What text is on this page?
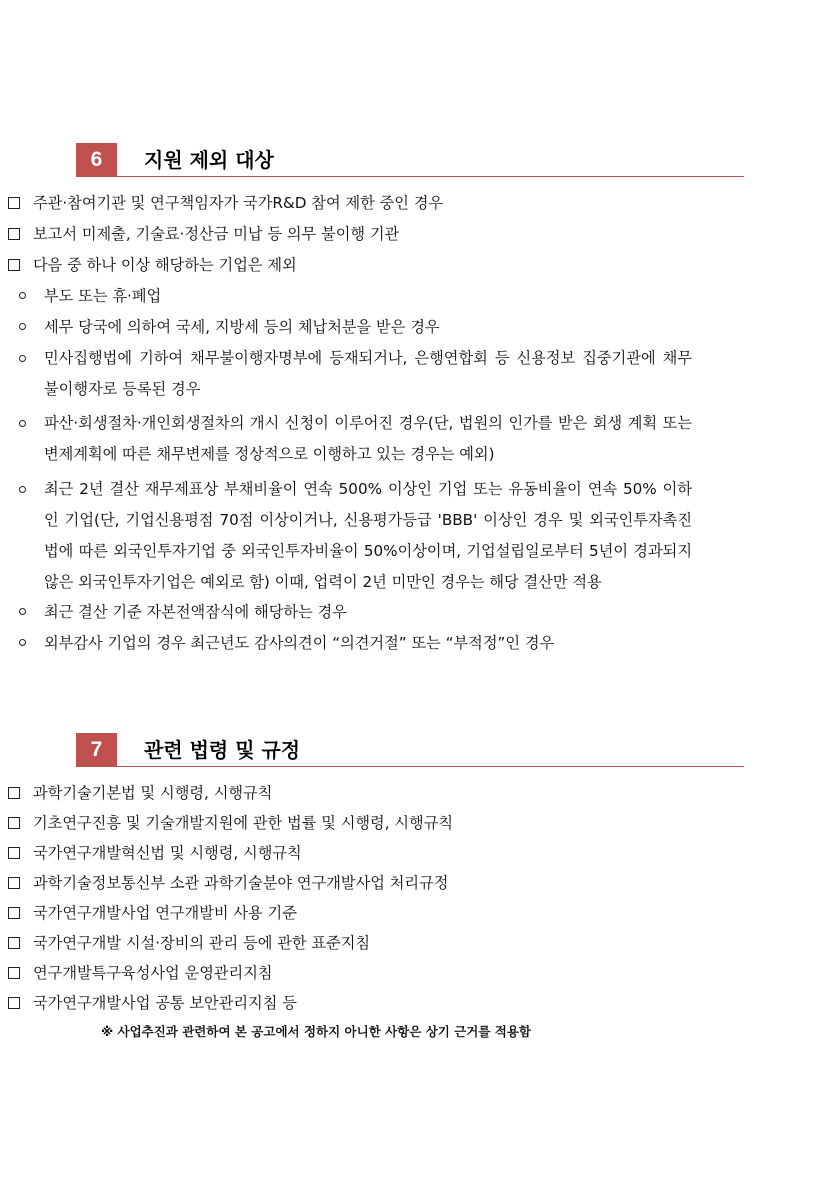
6	지원 제외 대상
주관·참여기관 및 연구책임자가 국가R&D 참여 제한 중인 경우
보고서 미제출, 기술료·정산금 미납 등 의무 불이행 기관
다음 중 하나 이상 해당하는 기업은 제외
부도 또는 휴·폐업
세무 당국에 의하여 국세, 지방세 등의 체납처분을 받은 경우
민사집행법에 기하여 채무불이행자명부에 등재되거나, 은행연합회 등 신용정보 집중기관에 채무 불이행자로 등록된 경우
파산·회생절차·개인회생절차의 개시 신청이 이루어진 경우(단, 법원의 인가를 받은 회생 계획 또는 변제계획에 따른 채무변제를 정상적으로 이행하고 있는 경우는 예외)
최근 2년 결산 재무제표상 부채비율이 연속 500% 이상인 기업 또는 유동비율이 연속 50% 이하인 기업(단, 기업신용평점 70점 이상이거나, 신용평가등급 'BBB' 이상인 경우 및 외국인투자촉진법에 따른 외국인투자기업 중 외국인투자비율이 50%이상이며, 기업설립일로부터 5년이 경과되지 않은 외국인투자기업은 예외로 함) 이때, 업력이 2년 미만인 경우는 해당 결산만 적용
최근 결산 기준 자본전액잠식에 해당하는 경우
외부감사 기업의 경우 최근년도 감사의견이 “의견거절” 또는 “부적정”인 경우
7	관련 법령 및 규정
과학기술기본법 및 시행령, 시행규칙
기초연구진흥 및 기술개발지원에 관한 법률 및 시행령, 시행규칙
국가연구개발혁신법 및 시행령, 시행규칙
과학기술정보통신부 소관 과학기술분야 연구개발사업 처리규정
국가연구개발사업 연구개발비 사용 기준
국가연구개발 시설·장비의 관리 등에 관한 표준지침
연구개발특구육성사업 운영관리지침
국가연구개발사업 공통 보안관리지침 등
※ 사업추진과 관련하여 본 공고에서 정하지 아니한 사항은 상기 근거를 적용함
